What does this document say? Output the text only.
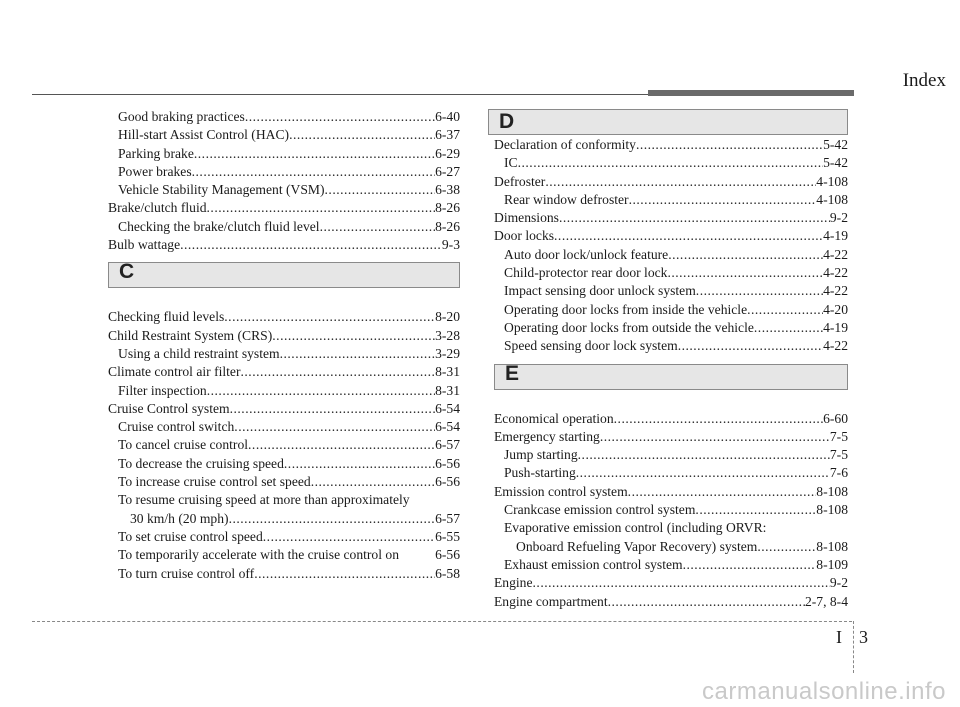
Index
Good braking practices .....	6-40
Hill-start Assist Control (HAC) .....	6-37
Parking brake .....	6-29
Power brakes .....	6-27
Vehicle Stability Management (VSM) .....	6-38
Brake/clutch fluid .....	8-26
Checking the brake/clutch fluid level .....	8-26
Bulb wattage .....	9-3
C
Checking fluid levels .....	8-20
Child Restraint System (CRS) .....	3-28
Using a child restraint system .....	3-29
Climate control air filter .....	8-31
Filter inspection .....	8-31
Cruise Control system .....	6-54
Cruise control switch .....	6-54
To cancel cruise control .....	6-57
To decrease the cruising speed .....	6-56
To increase cruise control set speed .....	6-56
To resume cruising speed at more than approximately
30 km/h (20 mph) .....	6-57
To set cruise control speed .....	6-55
To temporarily accelerate with the cruise control on	6-56
To turn cruise control off .....	6-58
D
Declaration of conformity .....	5-42
IC .....	5-42
Defroster .....	4-108
Rear window defroster .....	4-108
Dimensions .....	9-2
Door locks .....	4-19
Auto door lock/unlock feature .....	4-22
Child-protector rear door lock .....	4-22
Impact sensing door unlock system .....	4-22
Operating door locks from inside the vehicle .....	4-20
Operating door locks from outside the vehicle .....	4-19
Speed sensing door lock system .....	4-22
E
Economical operation .....	6-60
Emergency starting .....	7-5
Jump starting .....	7-5
Push-starting .....	7-6
Emission control system .....	8-108
Crankcase emission control system .....	8-108
Evaporative emission control (including ORVR:
Onboard Refueling Vapor Recovery) system .....	8-108
Exhaust emission control system .....	8-109
Engine .....	9-2
Engine compartment .....	2-7, 8-4
I 3
carmanualsonline.info
